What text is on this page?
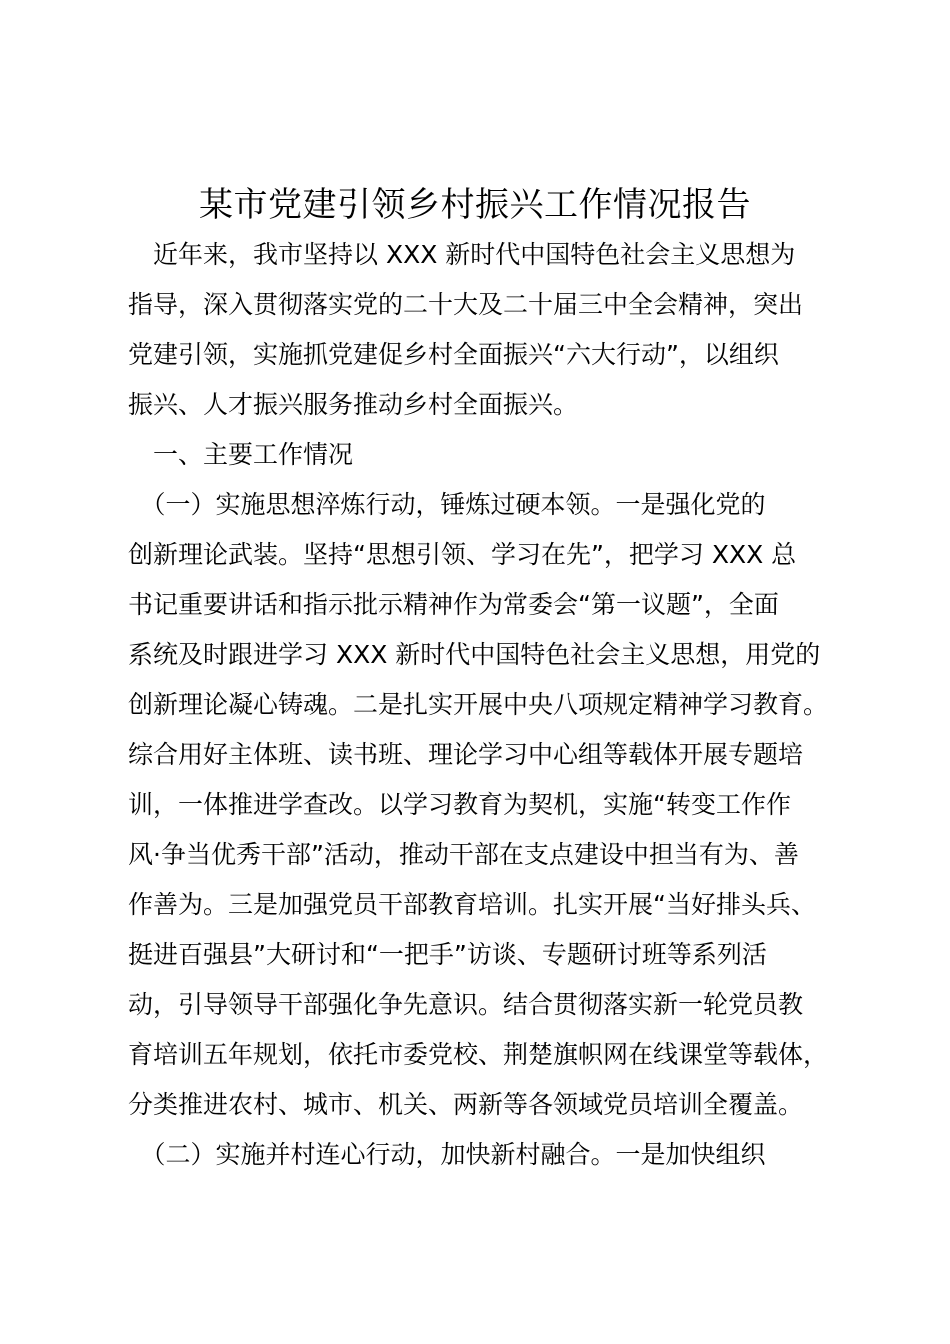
某市党建引领乡村振兴工作情况报告
　近年来，我市坚持以 XXX 新时代中国特色社会主义思想为
指导，深入贯彻落实党的二十大及二十届三中全会精神，突出
党建引领，实施抓党建促乡村全面振兴“六大行动”，以组织
振兴、人才振兴服务推动乡村全面振兴。
　一、主要工作情况
　（一）实施思想淬炼行动，锤炼过硬本领。一是强化党的
创新理论武装。坚持“思想引领、学习在先”，把学习 XXX 总
书记重要讲话和指示批示精神作为常委会“第一议题”，全面
系统及时跟进学习 XXX 新时代中国特色社会主义思想，用党的
创新理论凝心铸魂。二是扎实开展中央八项规定精神学习教育。
综合用好主体班、读书班、理论学习中心组等载体开展专题培
训，一体推进学查改。以学习教育为契机，实施“转变工作作
风·争当优秀干部”活动，推动干部在支点建设中担当有为、善
作善为。三是加强党员干部教育培训。扎实开展“当好排头兵、
挺进百强县”大研讨和“一把手”访谈、专题研讨班等系列活
动，引导领导干部强化争先意识。结合贯彻落实新一轮党员教
育培训五年规划，依托市委党校、荆楚旗帜网在线课堂等载体，
分类推进农村、城市、机关、两新等各领域党员培训全覆盖。
　（二）实施并村连心行动，加快新村融合。一是加快组织
